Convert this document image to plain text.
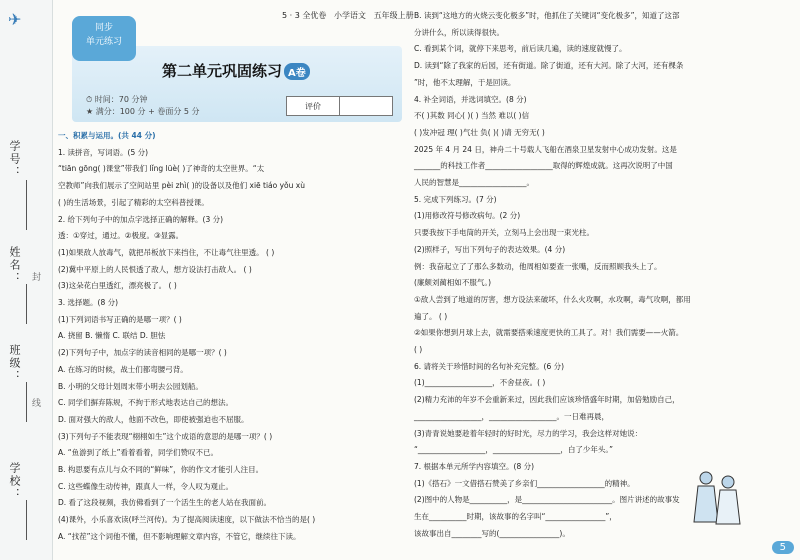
✈
学号：
姓名： 封
班级：
线
学校：
5 · 3 全优卷 小学语文 五年级上册
第二单元巩固练习 A卷
⏱ 时间：70 分钟
★ 满分：100 分 + 卷面分 5 分
评价	
同步
单元练习
一、积累与运用。(共 44 分)
1. 读拼音，写词语。(5 分)
“tiān gōng( )课堂”带我们 lǐng lüè( )了神奇的太空世界。“太
空教师”向我们展示了空间站里 pèi zhì( )的设备以及他们 xiē tiáo yǒu xù
( )的生活场景，引起了精彩的太空科普授课。
2. 给下列句子中的加点字选择正确的解释。(3 分)
透：①穿过，通过。②极度。③显露。
(1)如果敌人放毒气，就把吊板放下来挡住，不让毒气往里透。 ( )
(2)冀中平原上的人民恨透了敌人，想方设法打击敌人。 ( )
(3)这朵花白里透红，漂亮极了。 ( )
3. 选择题。(8 分)
(1)下列词语书写正确的是哪一项？( )
A. 挠留 B. 懒惰 C. 联结 D. 胆怯
(2)下列句子中，加点字的读音相同的是哪一项？( )
A. 在练习的时候，战士们都弯腰弓背。
B. 小明的父母计划周末带小明去公园划船。
C. 同学们摒弃陈规，不拘于形式地表达自己的想法。
D. 面对强大的敌人，他面不改色，即使被强迫也不屈服。
(3)下列句子不能表现“栩栩如生”这个成语的意思的是哪一项？( )
A. “鱼游到了纸上”看着看着，同学们赞叹不已。
B. 构思要有点儿与众不同的“鲜味”，你的作文才能引人注目。
C. 这些蝶像生动传神，跟真人一样，令人叹为观止。
D. 看了这段视频，我仿佛看到了一个活生生的老人站在我面前。
(4)课外，小乐喜欢读(呼兰河传)。为了提高阅读速度，以下做法不恰当的是( )
A. “找茬”这个词他不懂，但不影响理解文章内容，不管它，继续往下读。
B. 读到“这地方的火烧云变化极多”时，他抓住了关键词“变化极多”，知道了这部
分讲什么，所以读得很快。
C. 看到某个词，就停下来思考，前后读几遍，读的速度就慢了。
D. 读到“除了我家的后园，还有街道。除了街道，还有大河。除了大河，还有棵条
”时，他不太理解，于是回读。
4. 补全词语，并选词填空。(8 分)
不( )其数 同心( )( ) 当然 难以( )信
( )发冲冠 理( )气壮 负( )( )请 无穷无( )
2025 年 4 月 24 日，神舟二十号载人飞船在酒泉卫星发射中心成功发射。这是
_______的科技工作者__________________取得的辉煌成就。这再次说明了中国
人民的智慧是__________________。
5. 完成下列练习。(7 分)
(1)用修改符号修改病句。(2 分)
只要我按下手电筒的开关，立刻马上会出现一束光柱。
(2)照样子，写出下列句子的表达效果。(4 分)
例：我奋起立了了那么多数动，他周相如要查一张嘴，反而照顾我头上了。
(廉颇刘蔺相如不服气。)
①敌人尝到了地道的厉害，想方设法来破坏，什么火攻啊，水攻啊，毒气攻啊，都用
遍了。 ( )
②如果你想到月球上去，就需要搭乘速度更快的工具了。对！我们需要——火箭。
( )
6. 请将关于珍惜时间的名句补充完整。(6 分)
(1)__________________，不舍昼夜。( )
(2)精力充沛的年岁不会重新来过，因此我们应该珍惜盛年时期，加倍勉励自己，
__________________，__________________。一日难再晨，
(3)青青说她要趁着年轻时的好时光，尽力的学习，我会这样对她说：
“__________________，__________________，白了少年头。”
7. 根据本单元所学内容填空。(8 分)
(1)《搭石》一文借搭石赞美了乡亲们__________________的精神。
(2)图中的人物是__________，是________________________。图片讲述的故事发
生在__________时期，该故事的名字叫“________________”，
该故事出自________写的(________________)。
5
